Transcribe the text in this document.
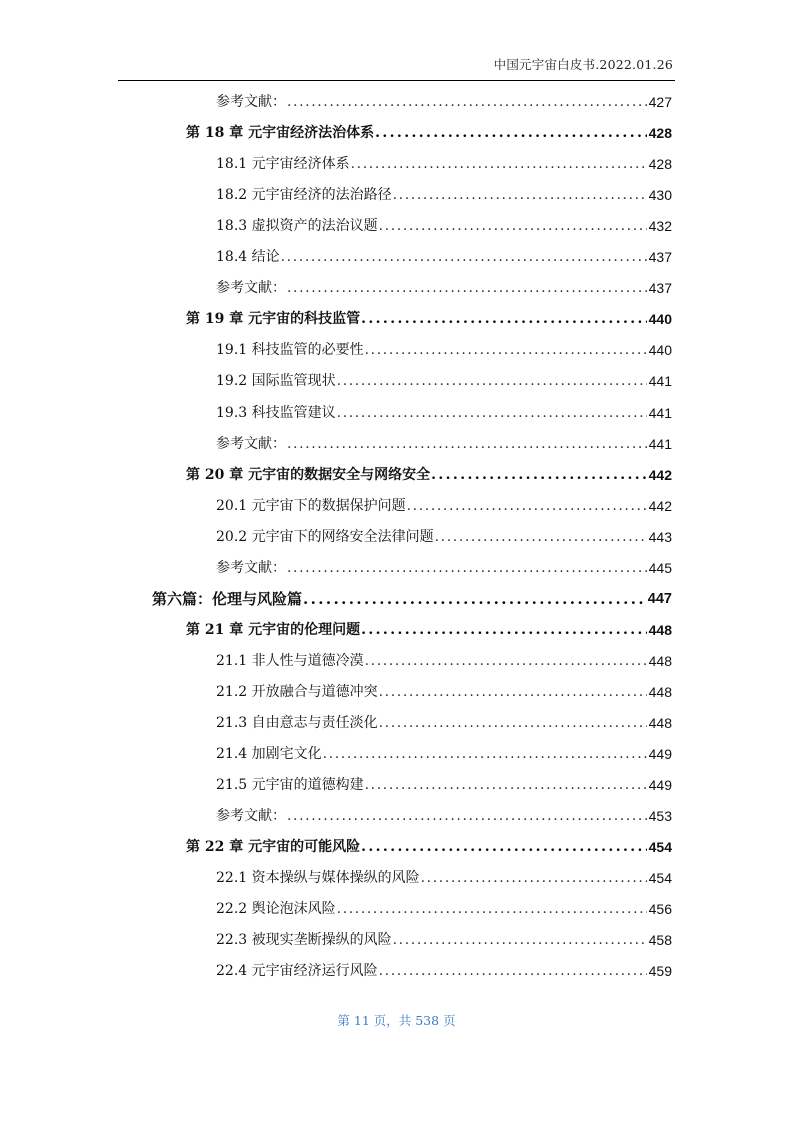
中国元宇宙白皮书.2022.01.26
参考文献： .....	427
第 18 章 元宇宙经济法治体系 .....	428
18.1 元宇宙经济体系 .....	428
18.2 元宇宙经济的法治路径 .....	430
18.3 虚拟资产的法治议题 .....	432
18.4 结论 .....	437
参考文献： .....	437
第 19 章 元宇宙的科技监管 .....	440
19.1 科技监管的必要性 .....	440
19.2 国际监管现状 .....	441
19.3 科技监管建议 .....	441
参考文献： .....	441
第 20 章 元宇宙的数据安全与网络安全 .....	442
20.1 元宇宙下的数据保护问题 .....	442
20.2 元宇宙下的网络安全法律问题 .....	443
参考文献： .....	445
第六篇：伦理与风险篇 .....	447
第 21 章 元宇宙的伦理问题 .....	448
21.1 非人性与道德冷漠 .....	448
21.2 开放融合与道德冲突 .....	448
21.3 自由意志与责任淡化 .....	448
21.4 加剧宅文化 .....	449
21.5 元宇宙的道德构建 .....	449
参考文献： .....	453
第 22 章 元宇宙的可能风险 .....	454
22.1 资本操纵与媒体操纵的风险 .....	454
22.2 舆论泡沫风险 .....	456
22.3 被现实垄断操纵的风险 .....	458
22.4 元宇宙经济运行风险 .....	459
第 11 页，共 538 页
